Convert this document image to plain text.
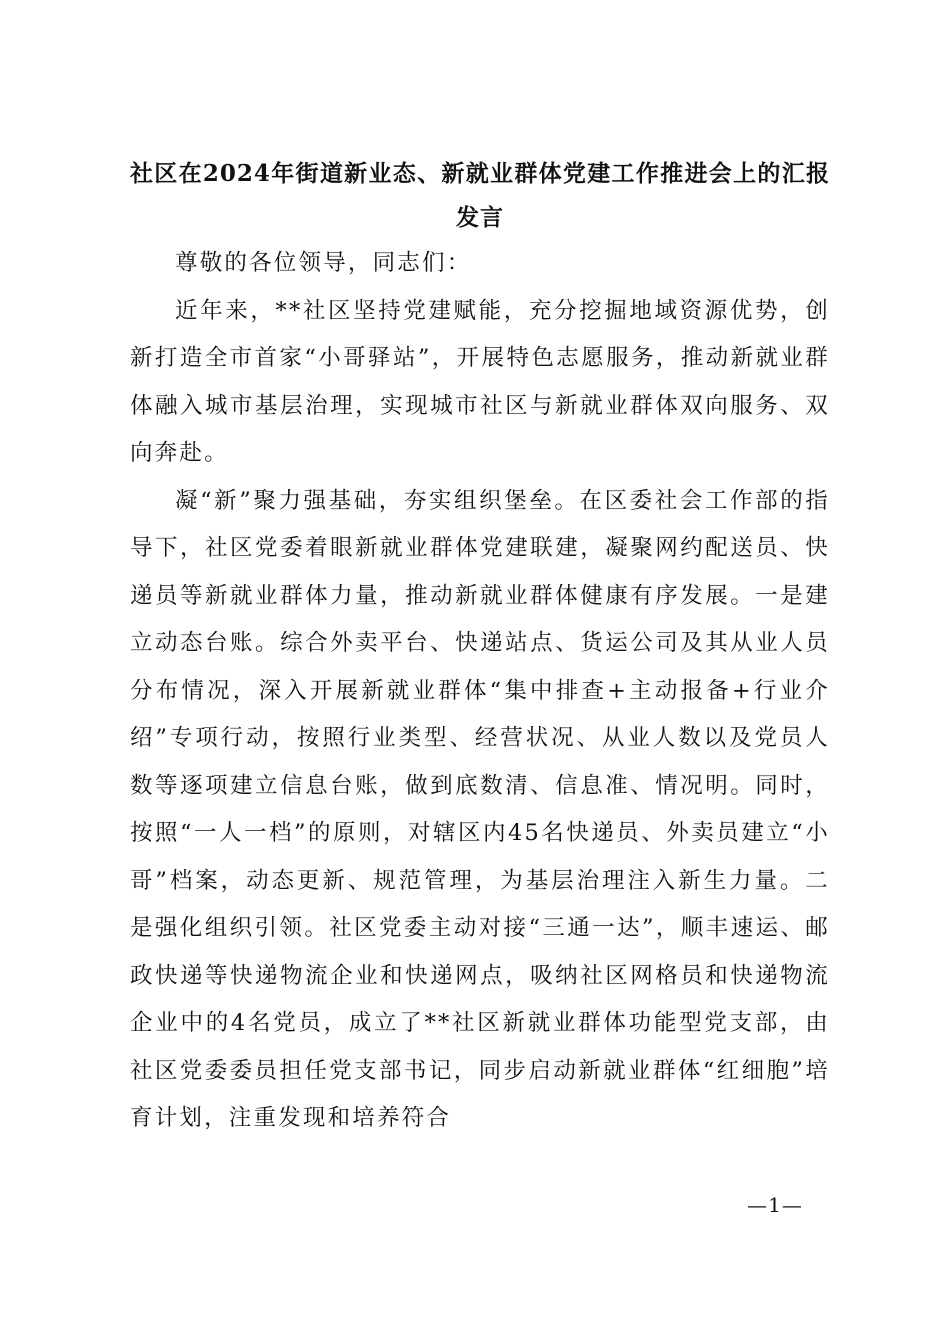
社区在2024年街道新业态、新就业群体党建工作推进会上的汇报发言

尊敬的各位领导，同志们：

近年来，**社区坚持党建赋能，充分挖掘地域资源优势，创新打造全市首家“小哥驿站”，开展特色志愿服务，推动新就业群体融入城市基层治理，实现城市社区与新就业群体双向服务、双向奔赴。

凝“新”聚力强基础，夯实组织堡垒。在区委社会工作部的指导下，社区党委着眼新就业群体党建联建，凝聚网约配送员、快递员等新就业群体力量，推动新就业群体健康有序发展。一是建立动态台账。综合外卖平台、快递站点、货运公司及其从业人员分布情况，深入开展新就业群体“集中排查+主动报备+行业介绍”专项行动，按照行业类型、经营状况、从业人数以及党员人数等逐项建立信息台账，做到底数清、信息准、情况明。同时，按照“一人一档”的原则，对辖区内45名快递员、外卖员建立“小哥”档案，动态更新、规范管理，为基层治理注入新生力量。二是强化组织引领。社区党委主动对接“三通一达”，顺丰速运、邮政快递等快递物流企业和快递网点，吸纳社区网格员和快递物流企业中的4名党员，成立了**社区新就业群体功能型党支部，由社区党委委员担任党支部书记，同步启动新就业群体“红细胞”培育计划，注重发现和培养符合

—1—
